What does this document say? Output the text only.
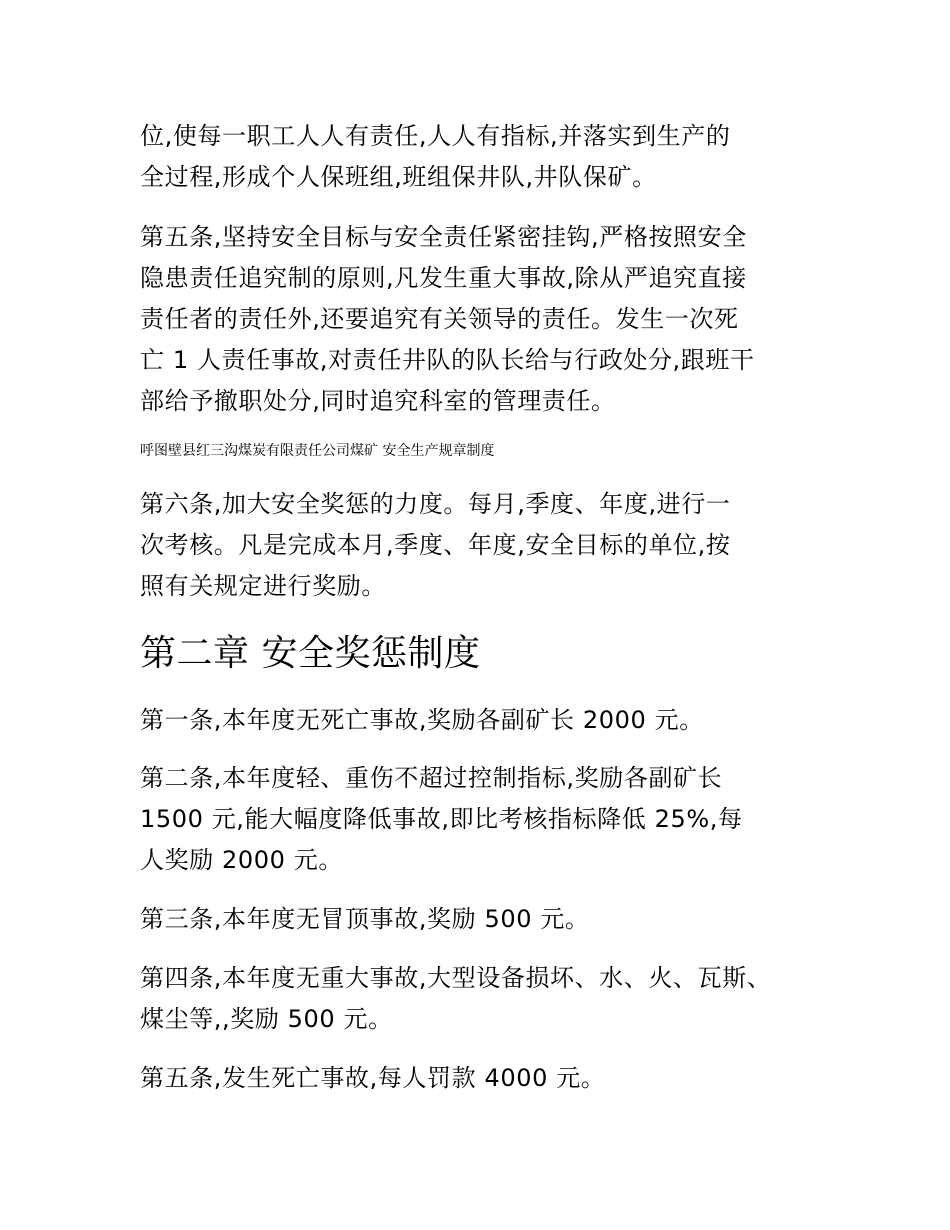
位,使每一职工人人有责任,人人有指标,并落实到生产的
全过程,形成个人保班组,班组保井队,井队保矿。
第五条,坚持安全目标与安全责任紧密挂钩,严格按照安全
隐患责任追究制的原则,凡发生重大事故,除从严追究直接
责任者的责任外,还要追究有关领导的责任。发生一次死
亡 1 人责任事故,对责任井队的队长给与行政处分,跟班干
部给予撤职处分,同时追究科室的管理责任。
呼图壁县红三沟煤炭有限责任公司煤矿 安全生产规章制度
第六条,加大安全奖惩的力度。每月,季度、年度,进行一
次考核。凡是完成本月,季度、年度,安全目标的单位,按
照有关规定进行奖励。
第二章 安全奖惩制度
第一条,本年度无死亡事故,奖励各副矿长 2000 元。
第二条,本年度轻、重伤不超过控制指标,奖励各副矿长
1500 元,能大幅度降低事故,即比考核指标降低 25%,每
人奖励 2000 元。
第三条,本年度无冒顶事故,奖励 500 元。
第四条,本年度无重大事故,大型设备损坏、水、火、瓦斯、
煤尘等,,奖励 500 元。
第五条,发生死亡事故,每人罚款 4000 元。
